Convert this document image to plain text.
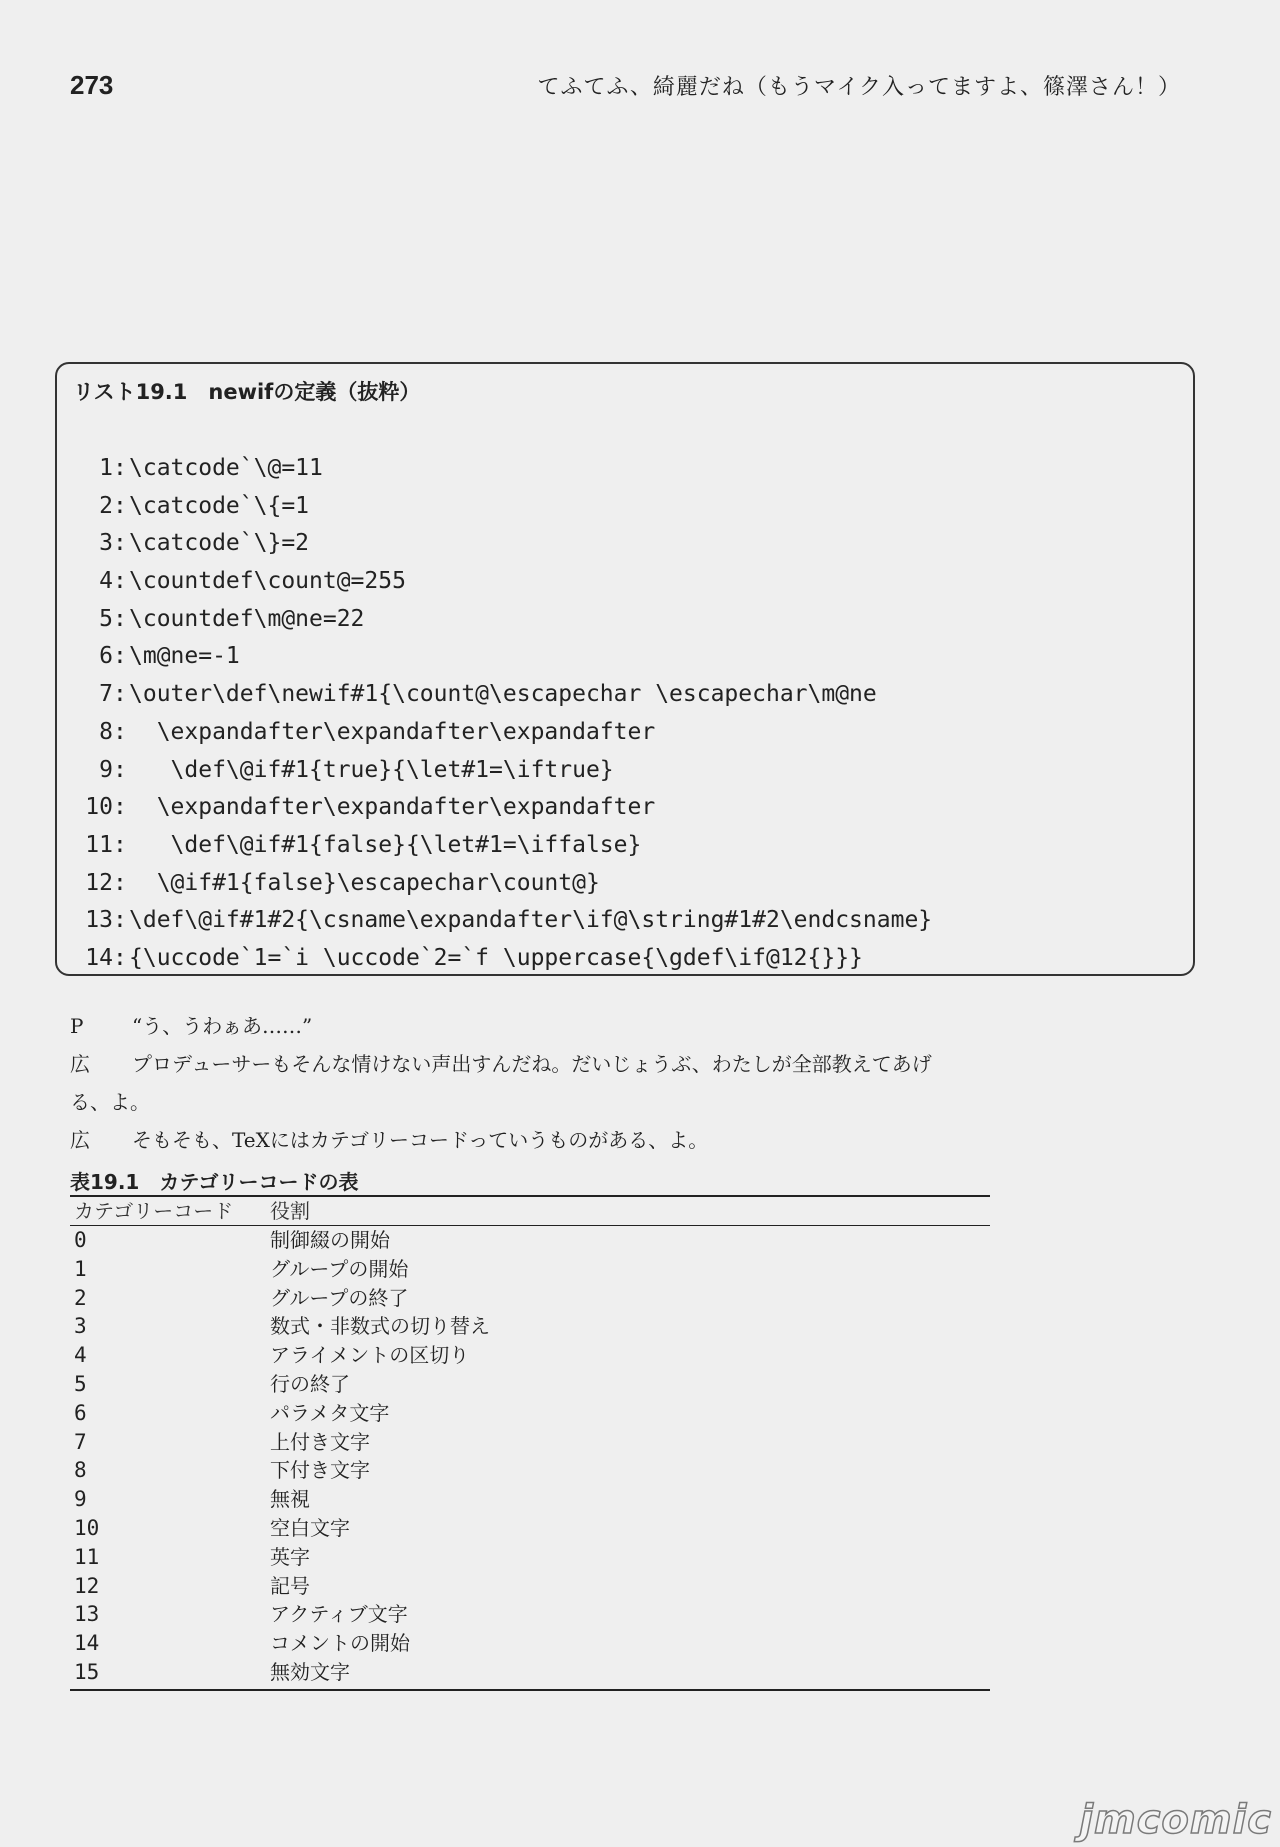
273	てふてふ、綺麗だね（もうマイク入ってますよ、篠澤さん！）
リスト19.1　newifの定義（抜粋）
1:\catcode`\@=11
2:\catcode`\{=1
3:\catcode`\}=2
4:\countdef\count@=255
5:\countdef\m@ne=22
6:\m@ne=-1
7:\outer\def\newif#1{\count@\escapechar \escapechar\m@ne
8:  \expandafter\expandafter\expandafter
9:   \def\@if#1{true}{\let#1=\iftrue}
10:  \expandafter\expandafter\expandafter
11:   \def\@if#1{false}{\let#1=\iffalse}
12:  \@if#1{false}\escapechar\count@}
13:\def\@if#1#2{\csname\expandafter\if@\string#1#2\endcsname}
14:{\uccode`1=`i \uccode`2=`f \uppercase{\gdef\if@12{}}}
P “う、うわぁあ……”
広 プロデューサーもそんな情けない声出すんだね。だいじょうぶ、わたしが全部教えてあげ
る、よ。
広 そもそも、TeXにはカテゴリーコードっていうものがある、よ。
表19.1　カテゴリーコードの表
カテゴリーコード	役割
0	制御綴の開始
1	グループの開始
2	グループの終了
3	数式・非数式の切り替え
4	アライメントの区切り
5	行の終了
6	パラメタ文字
7	上付き文字
8	下付き文字
9	無視
10	空白文字
11	英字
12	記号
13	アクティブ文字
14	コメントの開始
15	無効文字
jmcomic
